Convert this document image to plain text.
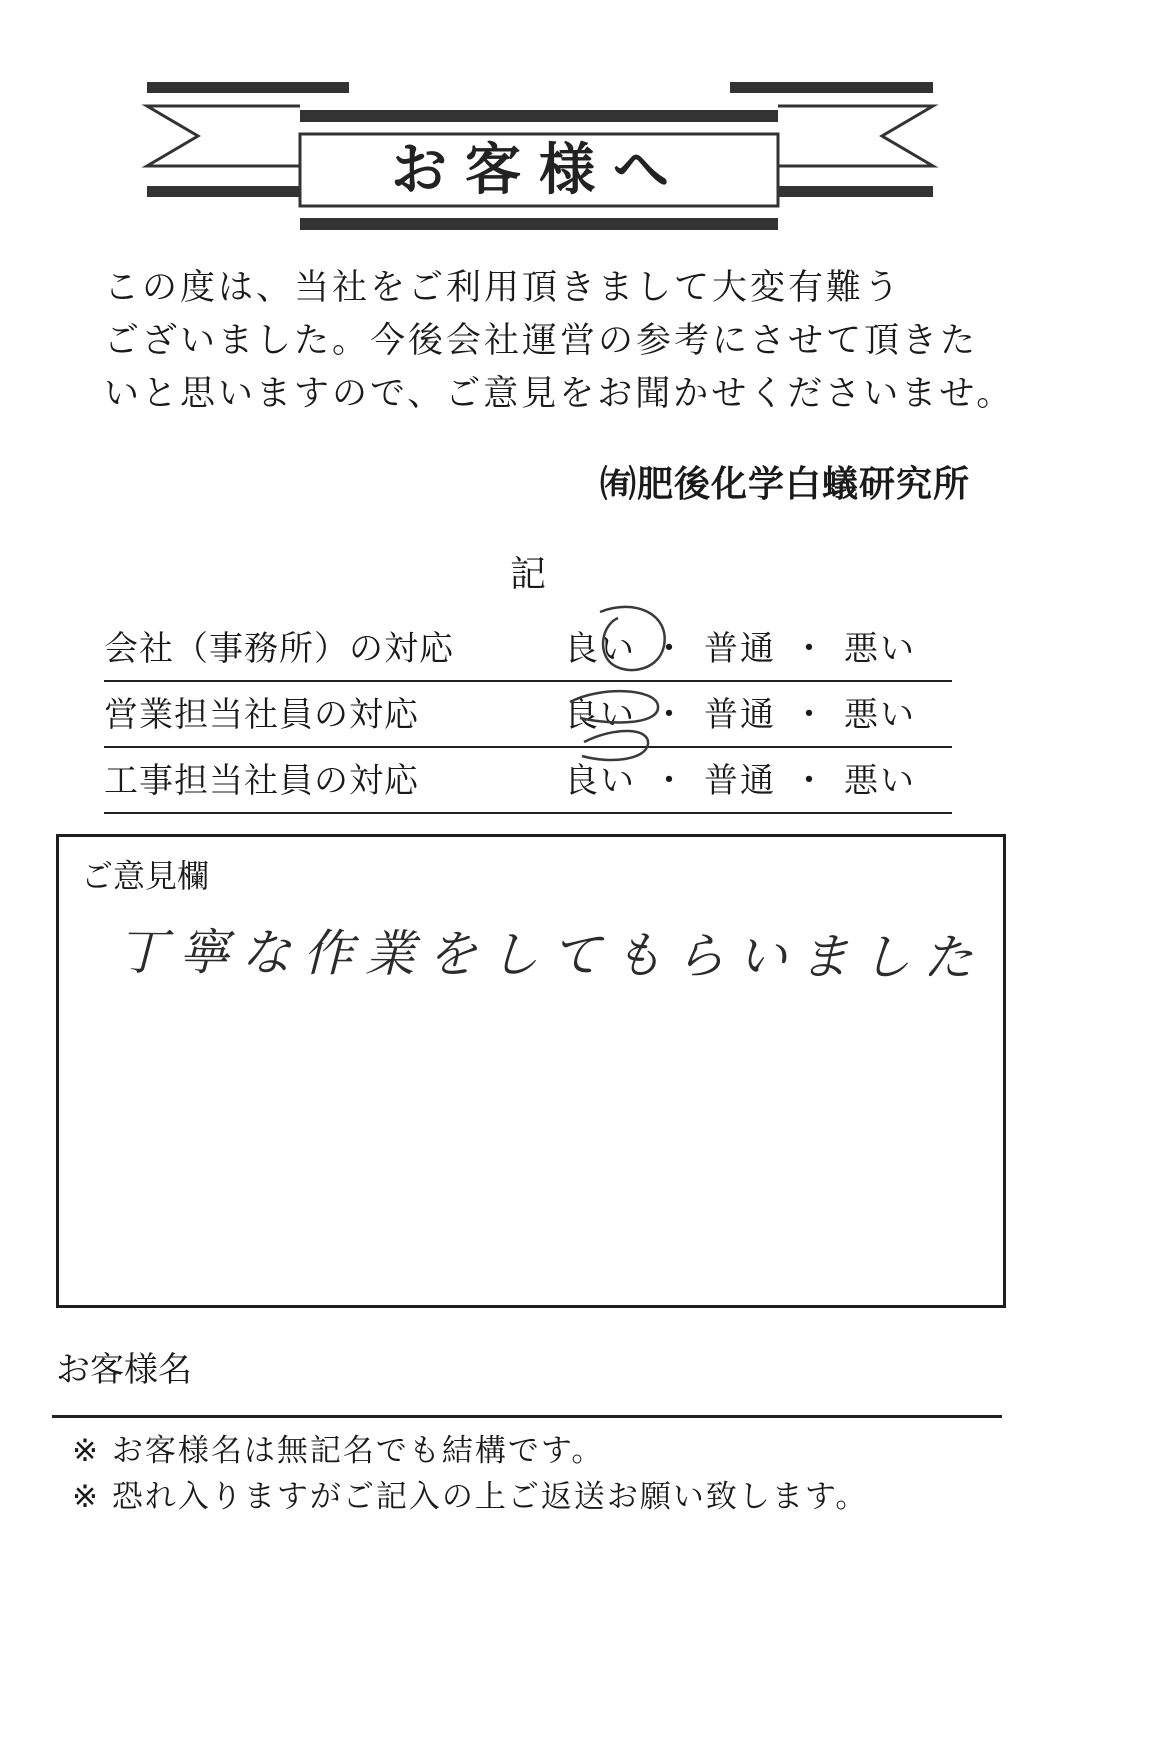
お客様へ

この度は、当社をご利用頂きまして大変有難う
ございました。今後会社運営の参考にさせて頂きた
いと思いますので、ご意見をお聞かせくださいませ。

㈲肥後化学白蟻研究所
記
会社（事務所）の対応	良い ・ 普通 ・ 悪い
営業担当社員の対応	良い ・ 普通 ・ 悪い
工事担当社員の対応	良い ・ 普通 ・ 悪い
ご意見欄
丁寧な作業をしてもらいました
お客様名
※ お客様名は無記名でも結構です。
※ 恐れ入りますがご記入の上ご返送お願い致します。
